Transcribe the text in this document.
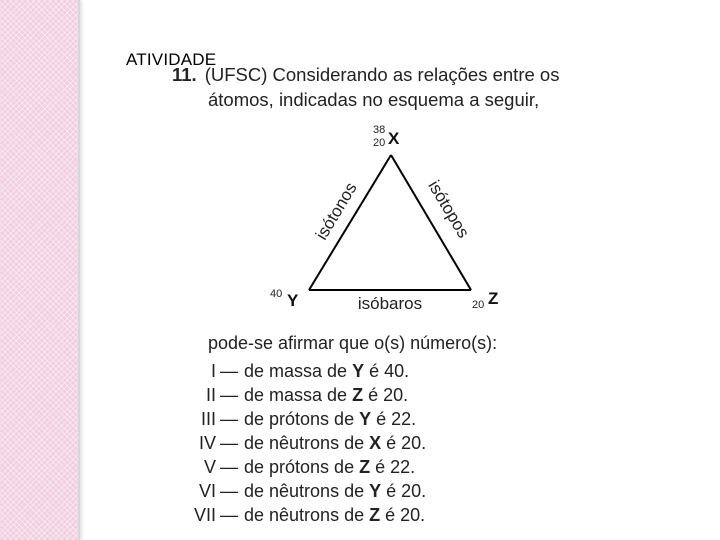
ATIVIDADE
11. (UFSC) Considerando as relações entre os
átomos, indicadas no esquema a seguir,
38
20 X
40 Y	20 Z
isótonos	isótopos
isóbaros
pode-se afirmar que o(s) número(s):
I — de massa de Y é 40.
II — de massa de Z é 20.
III — de prótons de Y é 22.
IV — de nêutrons de X é 20.
V — de prótons de Z é 22.
VI — de nêutrons de Y é 20.
VII — de nêutrons de Z é 20.
